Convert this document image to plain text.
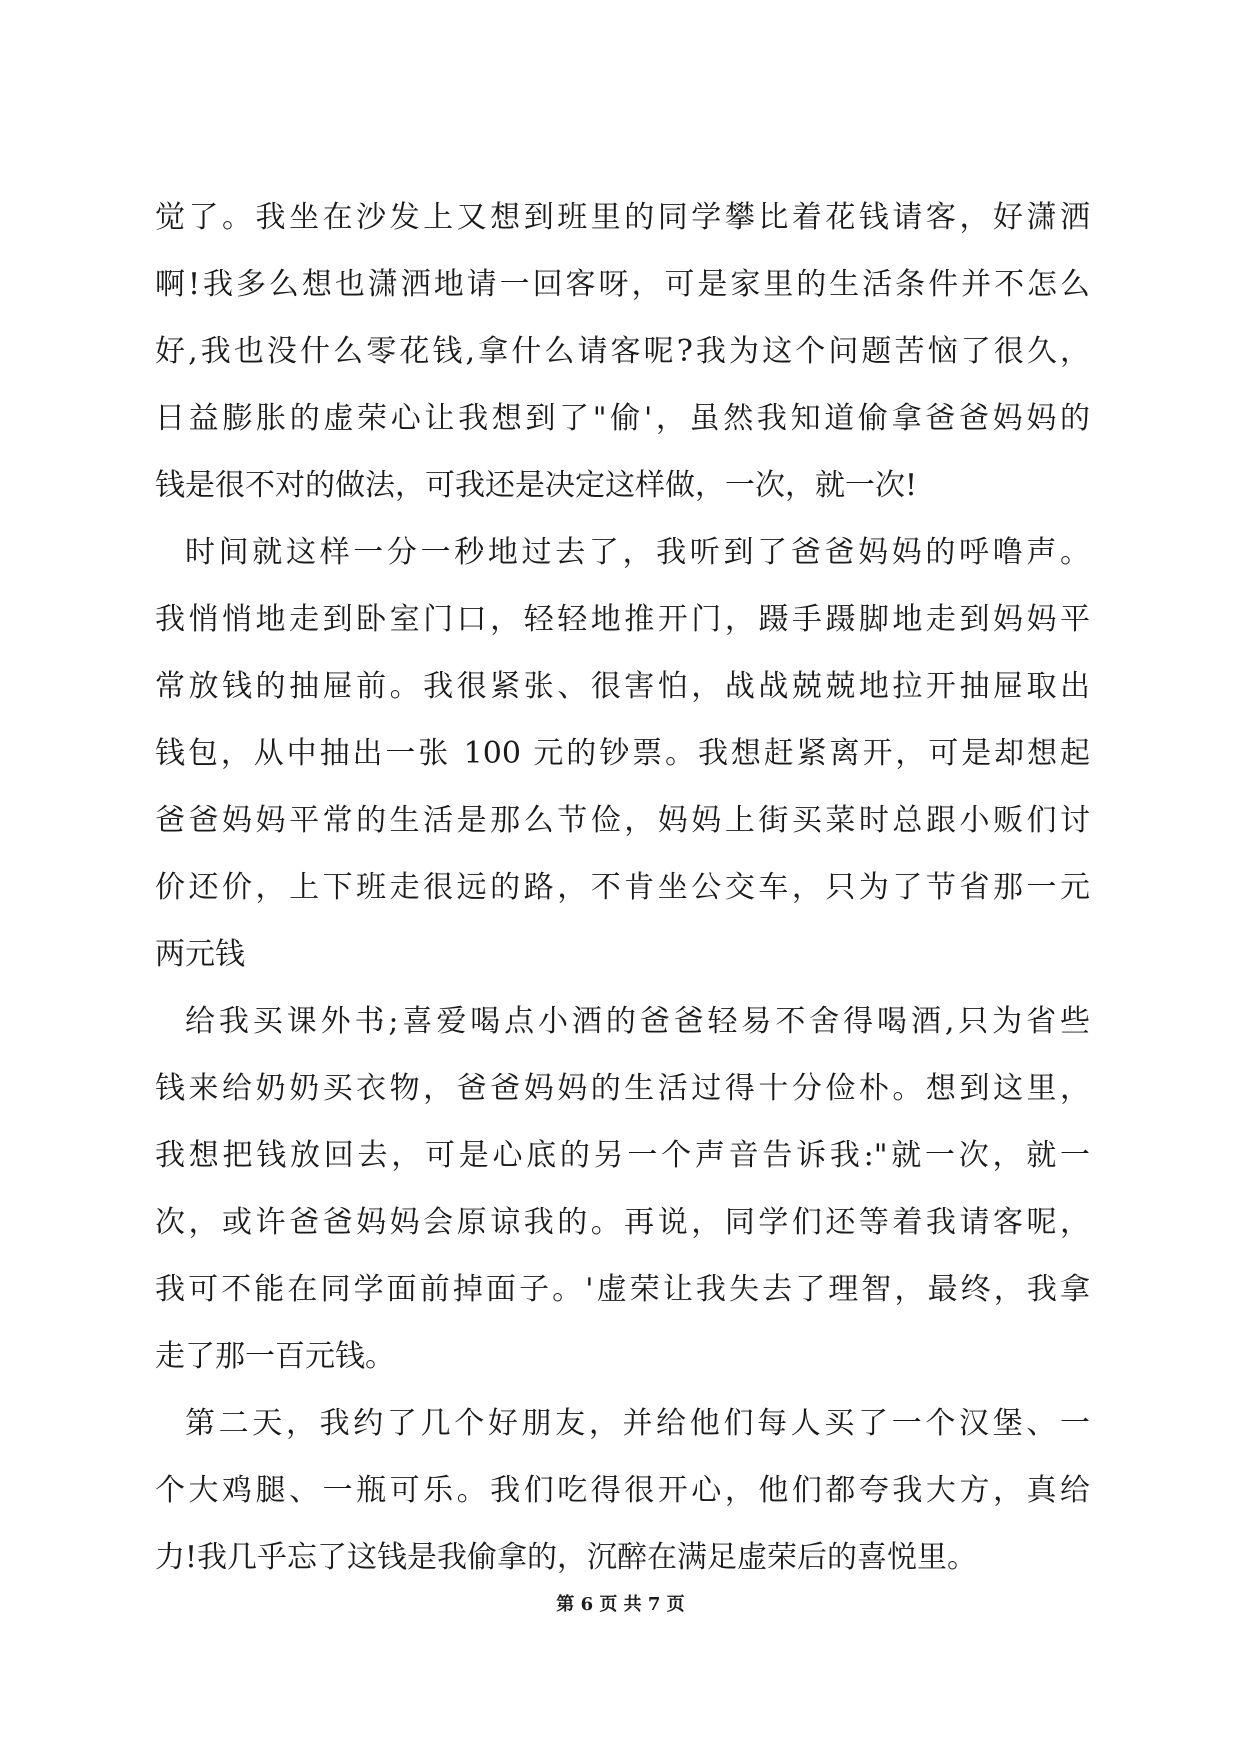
觉了。我坐在沙发上又想到班里的同学攀比着花钱请客，好潇洒
啊!我多么想也潇洒地请一回客呀，可是家里的生活条件并不怎么
好,我也没什么零花钱,拿什么请客呢?我为这个问题苦恼了很久，
日益膨胀的虚荣心让我想到了"偷'，虽然我知道偷拿爸爸妈妈的
钱是很不对的做法，可我还是决定这样做，一次，就一次!
时间就这样一分一秒地过去了，我听到了爸爸妈妈的呼噜声。
我悄悄地走到卧室门口，轻轻地推开门，蹑手蹑脚地走到妈妈平
常放钱的抽屉前。我很紧张、很害怕，战战兢兢地拉开抽屉取出
钱包，从中抽出一张 100 元的钞票。我想赶紧离开，可是却想起
爸爸妈妈平常的生活是那么节俭，妈妈上街买菜时总跟小贩们讨
价还价，上下班走很远的路，不肯坐公交车，只为了节省那一元
两元钱
给我买课外书;喜爱喝点小酒的爸爸轻易不舍得喝酒,只为省些
钱来给奶奶买衣物，爸爸妈妈的生活过得十分俭朴。想到这里，
我想把钱放回去，可是心底的另一个声音告诉我:"就一次，就一
次，或许爸爸妈妈会原谅我的。再说，同学们还等着我请客呢，
我可不能在同学面前掉面子。'虚荣让我失去了理智，最终，我拿
走了那一百元钱。
第二天，我约了几个好朋友，并给他们每人买了一个汉堡、一
个大鸡腿、一瓶可乐。我们吃得很开心，他们都夸我大方，真给
力!我几乎忘了这钱是我偷拿的，沉醉在满足虚荣后的喜悦里。
第 6 页 共 7 页
